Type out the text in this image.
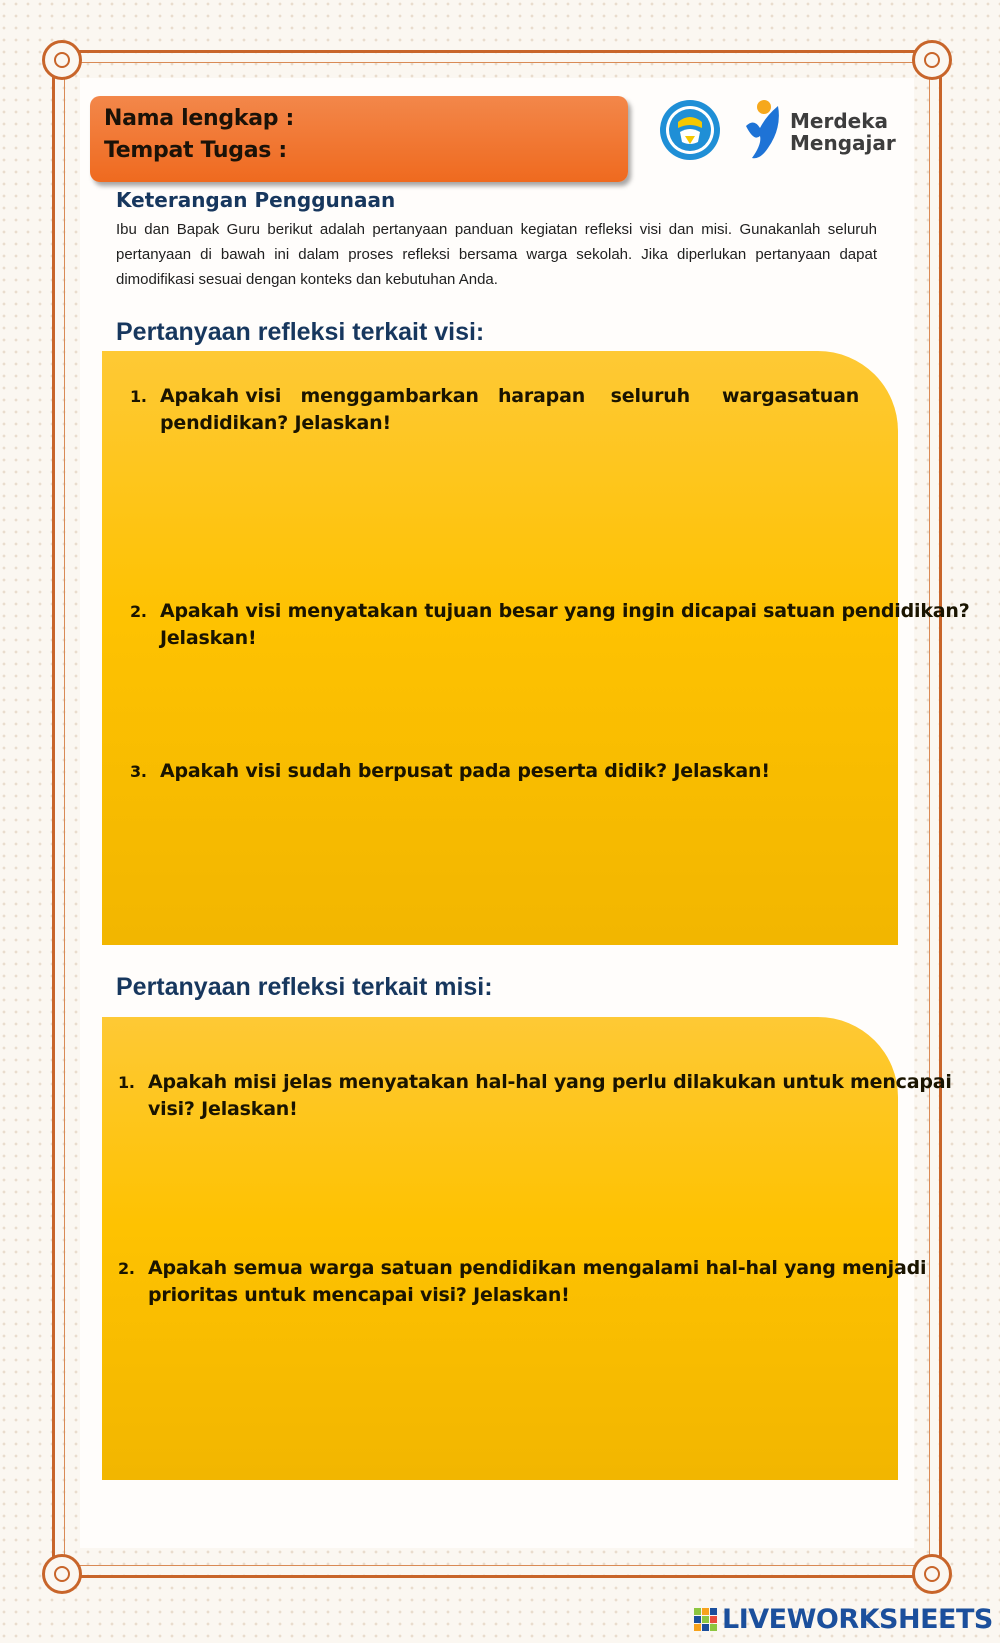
Nama lengkap :
Tempat Tugas :
Merdeka
Mengajar
Keterangan Penggunaan
Ibu dan Bapak Guru berikut adalah pertanyaan panduan kegiatan refleksi visi dan misi. Gunakanlah seluruh pertanyaan di bawah ini dalam proses refleksi bersama warga sekolah. Jika diperlukan pertanyaan dapat dimodifikasi sesuai dengan konteks dan kebutuhan Anda.
Pertanyaan refleksi terkait visi:
1. Apakah visi   menggambarkan   harapan    seluruh     wargasatuan
pendidikan? Jelaskan!
2. Apakah visi menyatakan tujuan besar yang ingin dicapai satuan pendidikan?
Jelaskan!
3. Apakah visi sudah berpusat pada peserta didik? Jelaskan!
Pertanyaan refleksi terkait misi:
1. Apakah misi jelas menyatakan hal-hal yang perlu dilakukan untuk mencapai
visi? Jelaskan!
2. Apakah semua warga satuan pendidikan mengalami hal-hal yang menjadi
prioritas untuk mencapai visi? Jelaskan!
LIVEWORKSHEETS
